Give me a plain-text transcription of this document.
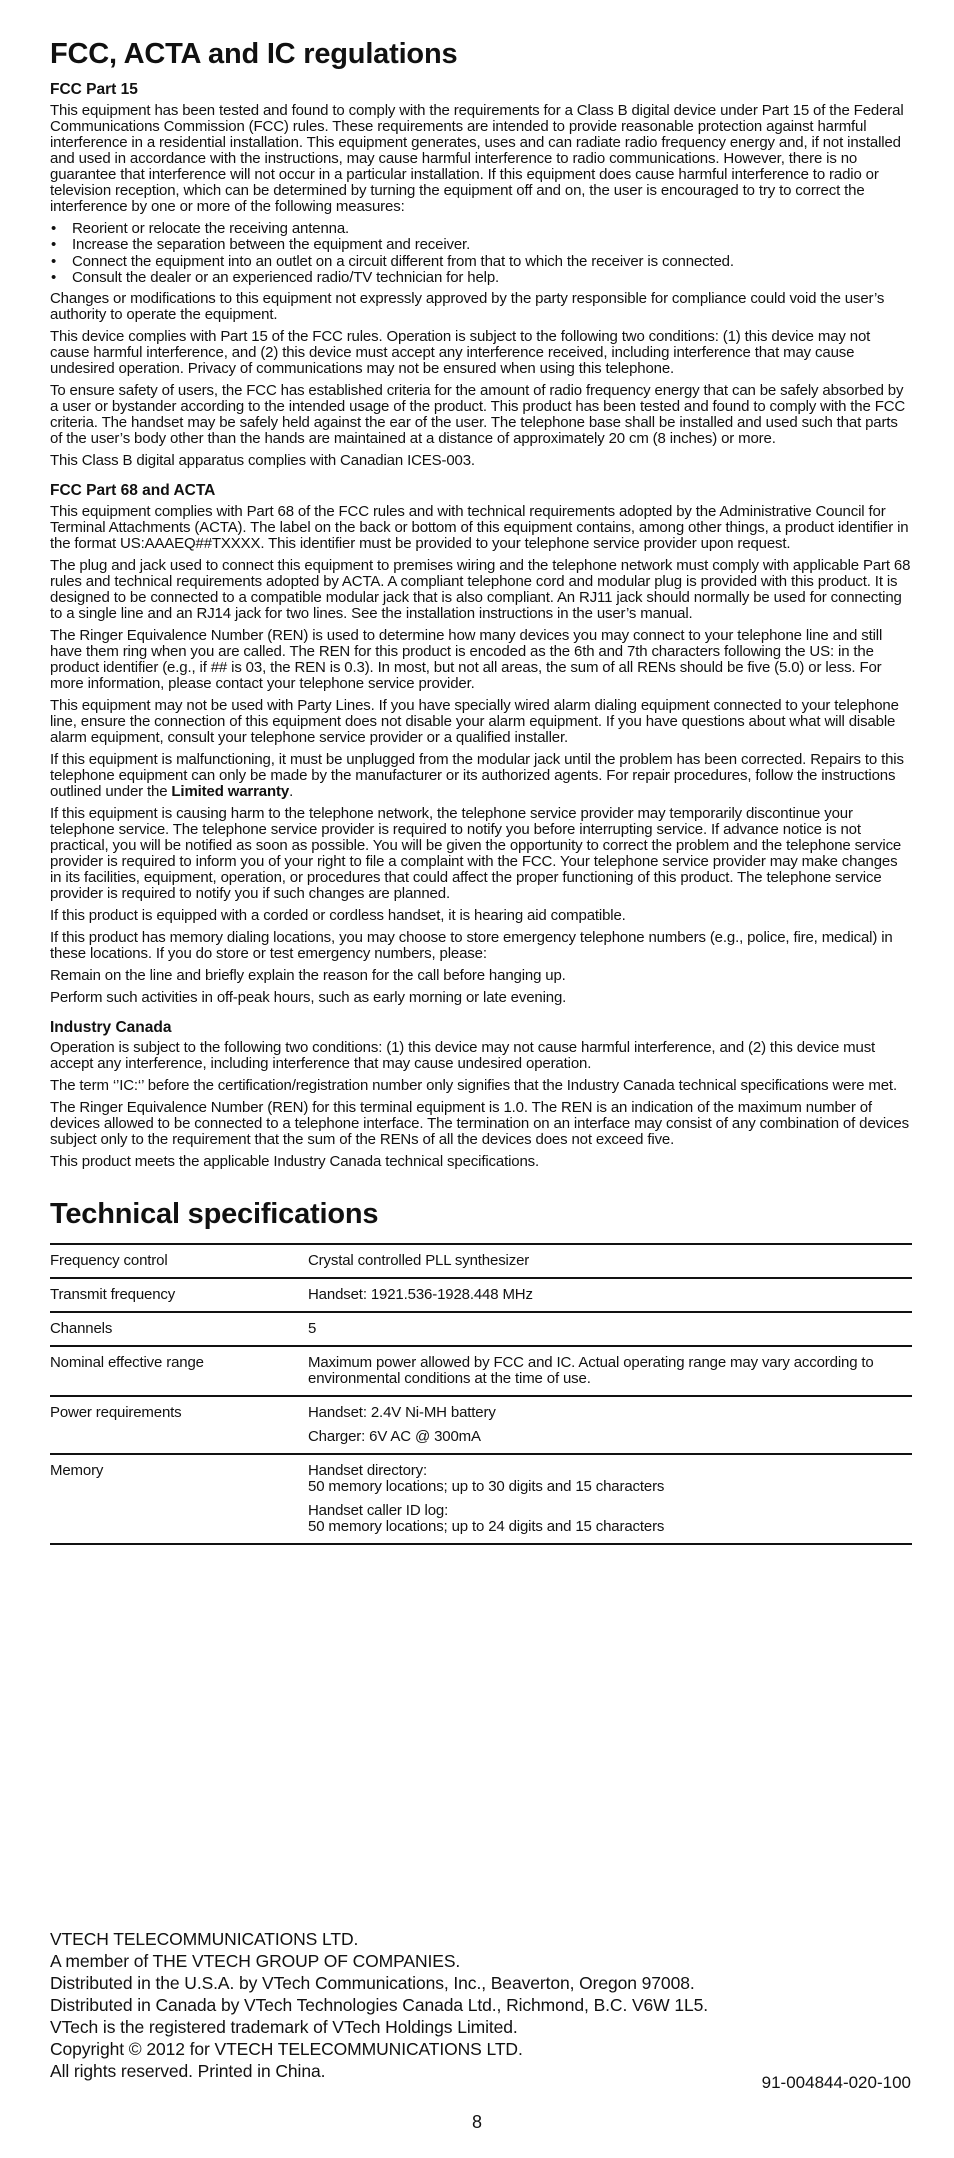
FCC, ACTA and IC regulations
FCC Part 15

This equipment has been tested and found to comply with the requirements for a Class B digital device under Part 15 of the Federal Communications Commission (FCC) rules. These requirements are intended to provide reasonable protection against harmful interference in a residential installation. This equipment generates, uses and can radiate radio frequency energy and, if not installed and used in accordance with the instructions, may cause harmful interference to radio communications. However, there is no guarantee that interference will not occur in a particular installation. If this equipment does cause harmful interference to radio or television reception, which can be determined by turning the equipment off and on, the user is encouraged to try to correct the interference by one or more of the following measures:

• Reorient or relocate the receiving antenna.
• Increase the separation between the equipment and receiver.
• Connect the equipment into an outlet on a circuit different from that to which the receiver is connected.
• Consult the dealer or an experienced radio/TV technician for help.

Changes or modifications to this equipment not expressly approved by the party responsible for compliance could void the user’s authority to operate the equipment.

This device complies with Part 15 of the FCC rules. Operation is subject to the following two conditions: (1) this device may not cause harmful interference, and (2) this device must accept any interference received, including interference that may cause undesired operation. Privacy of communications may not be ensured when using this telephone.

To ensure safety of users, the FCC has established criteria for the amount of radio frequency energy that can be safely absorbed by a user or bystander according to the intended usage of the product. This product has been tested and found to comply with the FCC criteria. The handset may be safely held against the ear of the user. The telephone base shall be installed and used such that parts of the user’s body other than the hands are maintained at a distance of approximately 20 cm (8 inches) or more.

This Class B digital apparatus complies with Canadian ICES-003.

FCC Part 68 and ACTA

This equipment complies with Part 68 of the FCC rules and with technical requirements adopted by the Administrative Council for Terminal Attachments (ACTA). The label on the back or bottom of this equipment contains, among other things, a product identifier in the format US:AAAEQ##TXXXX. This identifier must be provided to your telephone service provider upon request.

The plug and jack used to connect this equipment to premises wiring and the telephone network must comply with applicable Part 68 rules and technical requirements adopted by ACTA. A compliant telephone cord and modular plug is provided with this product. It is designed to be connected to a compatible modular jack that is also compliant. An RJ11 jack should normally be used for connecting to a single line and an RJ14 jack for two lines. See the installation instructions in the user’s manual.

The Ringer Equivalence Number (REN) is used to determine how many devices you may connect to your telephone line and still have them ring when you are called. The REN for this product is encoded as the 6th and 7th characters following the US: in the product identifier (e.g., if ## is 03, the REN is 0.3). In most, but not all areas, the sum of all RENs should be five (5.0) or less. For more information, please contact your telephone service provider.

This equipment may not be used with Party Lines. If you have specially wired alarm dialing equipment connected to your telephone line, ensure the connection of this equipment does not disable your alarm equipment. If you have questions about what will disable alarm equipment, consult your telephone service provider or a qualified installer.

If this equipment is malfunctioning, it must be unplugged from the modular jack until the problem has been corrected. Repairs to this telephone equipment can only be made by the manufacturer or its authorized agents. For repair procedures, follow the instructions outlined under the Limited warranty.

If this equipment is causing harm to the telephone network, the telephone service provider may temporarily discontinue your telephone service. The telephone service provider is required to notify you before interrupting service. If advance notice is not practical, you will be notified as soon as possible. You will be given the opportunity to correct the problem and the telephone service provider is required to inform you of your right to file a complaint with the FCC. Your telephone service provider may make changes in its facilities, equipment, operation, or procedures that could affect the proper functioning of this product. The telephone service provider is required to notify you if such changes are planned.

If this product is equipped with a corded or cordless handset, it is hearing aid compatible.

If this product has memory dialing locations, you may choose to store emergency telephone numbers (e.g., police, fire, medical) in these locations. If you do store or test emergency numbers, please:

Remain on the line and briefly explain the reason for the call before hanging up.

Perform such activities in off-peak hours, such as early morning or late evening.

Industry Canada

Operation is subject to the following two conditions: (1) this device may not cause harmful interference, and (2) this device must accept any interference, including interference that may cause undesired operation.

The term ‘’IC:‘’ before the certification/registration number only signifies that the Industry Canada technical specifications were met.

The Ringer Equivalence Number (REN) for this terminal equipment is 1.0. The REN is an indication of the maximum number of devices allowed to be connected to a telephone interface. The termination on an interface may consist of any combination of devices subject only to the requirement that the sum of the RENs of all the devices does not exceed five.

This product meets the applicable Industry Canada technical specifications.

Technical specifications
Frequency control	Crystal controlled PLL synthesizer
Transmit frequency	Handset: 1921.536-1928.448 MHz
Channels	5
Nominal effective range	Maximum power allowed by FCC and IC. Actual operating range may vary according to environmental conditions at the time of use.
Power requirements	Handset: 2.4V Ni-MH battery
Charger: 6V AC @ 300mA

Memory	Handset directory:
50 memory locations; up to 30 digits and 15 characters
Handset caller ID log:
50 memory locations; up to 24 digits and 15 characters
VTECH TELECOMMUNICATIONS LTD.
A member of THE VTECH GROUP OF COMPANIES.
Distributed in the U.S.A. by VTech Communications, Inc., Beaverton, Oregon 97008.
Distributed in Canada by VTech Technologies Canada Ltd., Richmond, B.C. V6W 1L5.
VTech is the registered trademark of VTech Holdings Limited.
Copyright © 2012 for VTECH TELECOMMUNICATIONS LTD.
All rights reserved. Printed in China.
91-004844-020-100
8
